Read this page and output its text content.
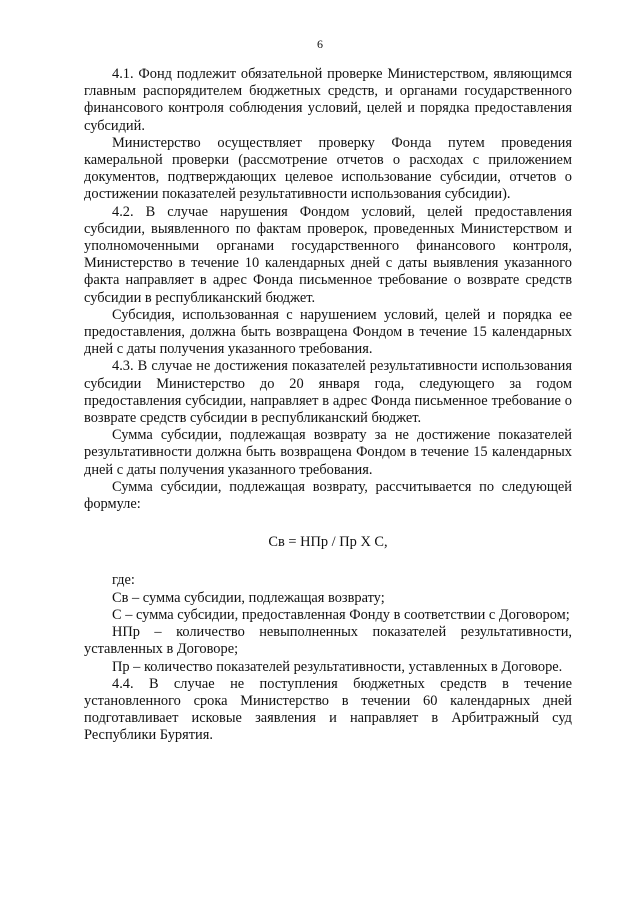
6

4.1. Фонд подлежит обязательной проверке Министерством, являющимся главным распорядителем бюджетных средств, и органами государственного финансового контроля соблюдения условий, целей и порядка предоставления субсидий.

Министерство осуществляет проверку Фонда путем проведения камеральной проверки (рассмотрение отчетов о расходах с приложением документов, подтверждающих целевое использование субсидии, отчетов о достижении показателей результативности использования субсидии).

4.2. В случае нарушения Фондом условий, целей предоставления субсидии, выявленного по фактам проверок, проведенных Министерством и уполномоченными органами государственного финансового контроля, Министерство в течение 10 календарных дней с даты выявления указанного факта направляет в адрес Фонда письменное требование о возврате средств субсидии в республиканский бюджет.

Субсидия, использованная с нарушением условий, целей и порядка ее предоставления, должна быть возвращена Фондом в течение 15 календарных дней с даты получения указанного требования.

4.3. В случае не достижения показателей результативности использования субсидии Министерство до 20 января года, следующего за годом предоставления субсидии, направляет в адрес Фонда письменное требование о возврате средств субсидии в республиканский бюджет.

Сумма субсидии, подлежащая возврату за не достижение показателей результативности должна быть возвращена Фондом в течение 15 календарных дней с даты получения указанного требования.

Сумма субсидии, подлежащая возврату, рассчитывается по следующей формуле:

Св = НПр / Пр Х С,

где:

Св – сумма субсидии, подлежащая возврату;

С – сумма субсидии, предоставленная Фонду в соответствии с Договором;

НПр – количество невыполненных показателей результативности, уставленных в Договоре;

Пр – количество показателей результативности, уставленных в Договоре.

4.4. В случае не поступления бюджетных средств в течение установленного срока Министерство в течении 60 календарных дней подготавливает исковые заявления и направляет в Арбитражный суд Республики Бурятия.
